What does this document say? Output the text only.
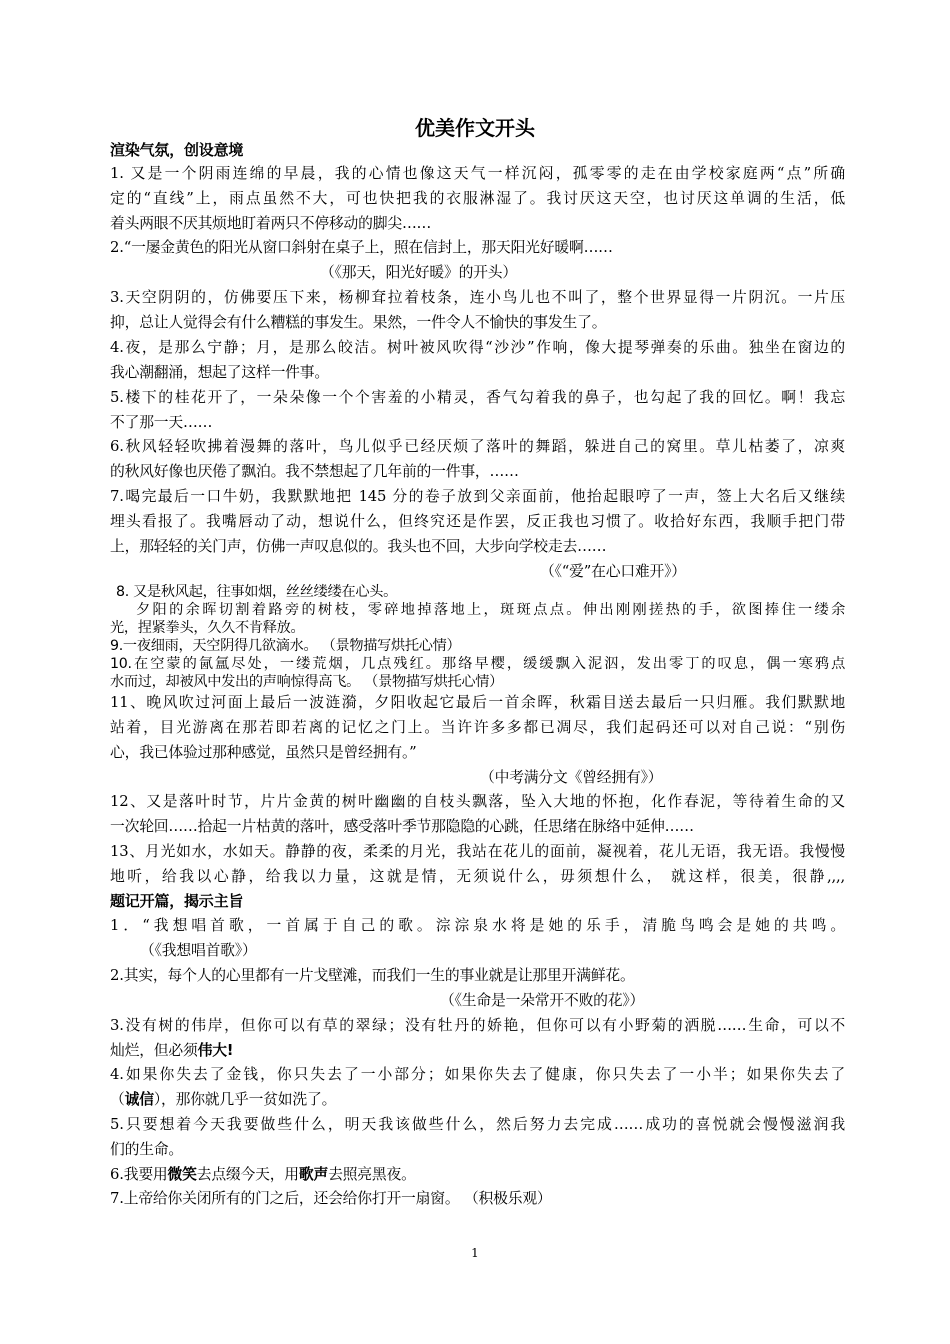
优美作文开头
渲染气氛，创设意境
1. 又是一个阴雨连绵的早晨，我的心情也像这天气一样沉闷，孤零零的走在由学校家庭两“点”所确
定的“直线”上，雨点虽然不大，可也快把我的衣服淋湿了。我讨厌这天空，也讨厌这单调的生活，低
着头两眼不厌其烦地盯着两只不停移动的脚尖……
2.“一屡金黄色的阳光从窗口斜射在桌子上，照在信封上，那天阳光好暖啊……
（《那天，阳光好暖》的开头）
3.天空阴阴的，仿佛要压下来，杨柳耷拉着枝条，连小鸟儿也不叫了，整个世界显得一片阴沉。一片压
抑，总让人觉得会有什么糟糕的事发生。果然，一件令人不愉快的事发生了。
4.夜，是那么宁静；月，是那么皎洁。树叶被风吹得“沙沙”作响，像大提琴弹奏的乐曲。独坐在窗边的
我心潮翻涌，想起了这样一件事。
5.楼下的桂花开了，一朵朵像一个个害羞的小精灵，香气勾着我的鼻子，也勾起了我的回忆。啊！我忘
不了那一天……
6.秋风轻轻吹拂着漫舞的落叶，鸟儿似乎已经厌烦了落叶的舞蹈，躲进自己的窝里。草儿枯萎了，凉爽
的秋风好像也厌倦了飘泊。我不禁想起了几年前的一件事，……
7.喝完最后一口牛奶，我默默地把 145 分的卷子放到父亲面前，他抬起眼哼了一声，签上大名后又继续
埋头看报了。我嘴唇动了动，想说什么，但终究还是作罢，反正我也习惯了。收拾好东西，我顺手把门带
上，那轻轻的关门声，仿佛一声叹息似的。我头也不回，大步向学校走去……
（《“爱”在心口难开》）
8. 又是秋风起，往事如烟，丝丝缕缕在心头。
夕阳的余晖切割着路旁的树枝，零碎地掉落地上，斑斑点点。伸出刚刚搓热的手，欲图捧住一缕余
光，捏紧拳头，久久不肯释放。
9.一夜细雨，天空阴得几欲滴水。 （景物描写烘托心情）
10.在空蒙的氤氲尽处，一缕荒烟，几点残红。那络早樱，缓缓飘入泥泅，发出零丁的叹息，偶一寒鸦点
水而过，却被风中发出的声响惊得高飞。 （景物描写烘托心情）
11、晚风吹过河面上最后一波涟漪，夕阳收起它最后一首余晖，秋霜目送去最后一只归雁。我们默默地
站着，目光游离在那若即若离的记忆之门上。当许许多多都已凋尽，我们起码还可以对自己说：“别伤
心，我已体验过那种感觉，虽然只是曾经拥有。”
（中考满分文《曾经拥有》）
12、又是落叶时节，片片金黄的树叶幽幽的自枝头飘落，坠入大地的怀抱，化作春泥，等待着生命的又
一次轮回……拾起一片枯黄的落叶，感受落叶季节那隐隐的心跳，任思绪在脉络中延伸……
13、月光如水，水如天。静静的夜，柔柔的月光，我站在花儿的面前，凝视着，花儿无语，我无语。我慢慢
地听，给我以心静，给我以力量，这就是情，无须说什么，毋须想什么， 就这样，很美，很静,,,,
题记开篇，揭示主旨
1．“我想唱首歌，一首属于自己的歌。淙淙泉水将是她的乐手，清脆鸟鸣会是她的共鸣。
（《我想唱首歌》）
2.其实，每个人的心里都有一片戈壁滩，而我们一生的事业就是让那里开满鲜花。
（《生命是一朵常开不败的花》）
3.没有树的伟岸，但你可以有草的翠绿；没有牡丹的娇艳，但你可以有小野菊的洒脱……生命，可以不
灿烂，但必须伟大!
4.如果你失去了金钱，你只失去了一小部分；如果你失去了健康，你只失去了一小半；如果你失去了
（诚信），那你就几乎一贫如洗了。
5.只要想着今天我要做些什么，明天我该做些什么，然后努力去完成……成功的喜悦就会慢慢滋润我
们的生命。
6.我要用微笑去点缀今天，用歌声去照亮黑夜。
7.上帝给你关闭所有的门之后，还会给你打开一扇窗。 （积极乐观）
1
